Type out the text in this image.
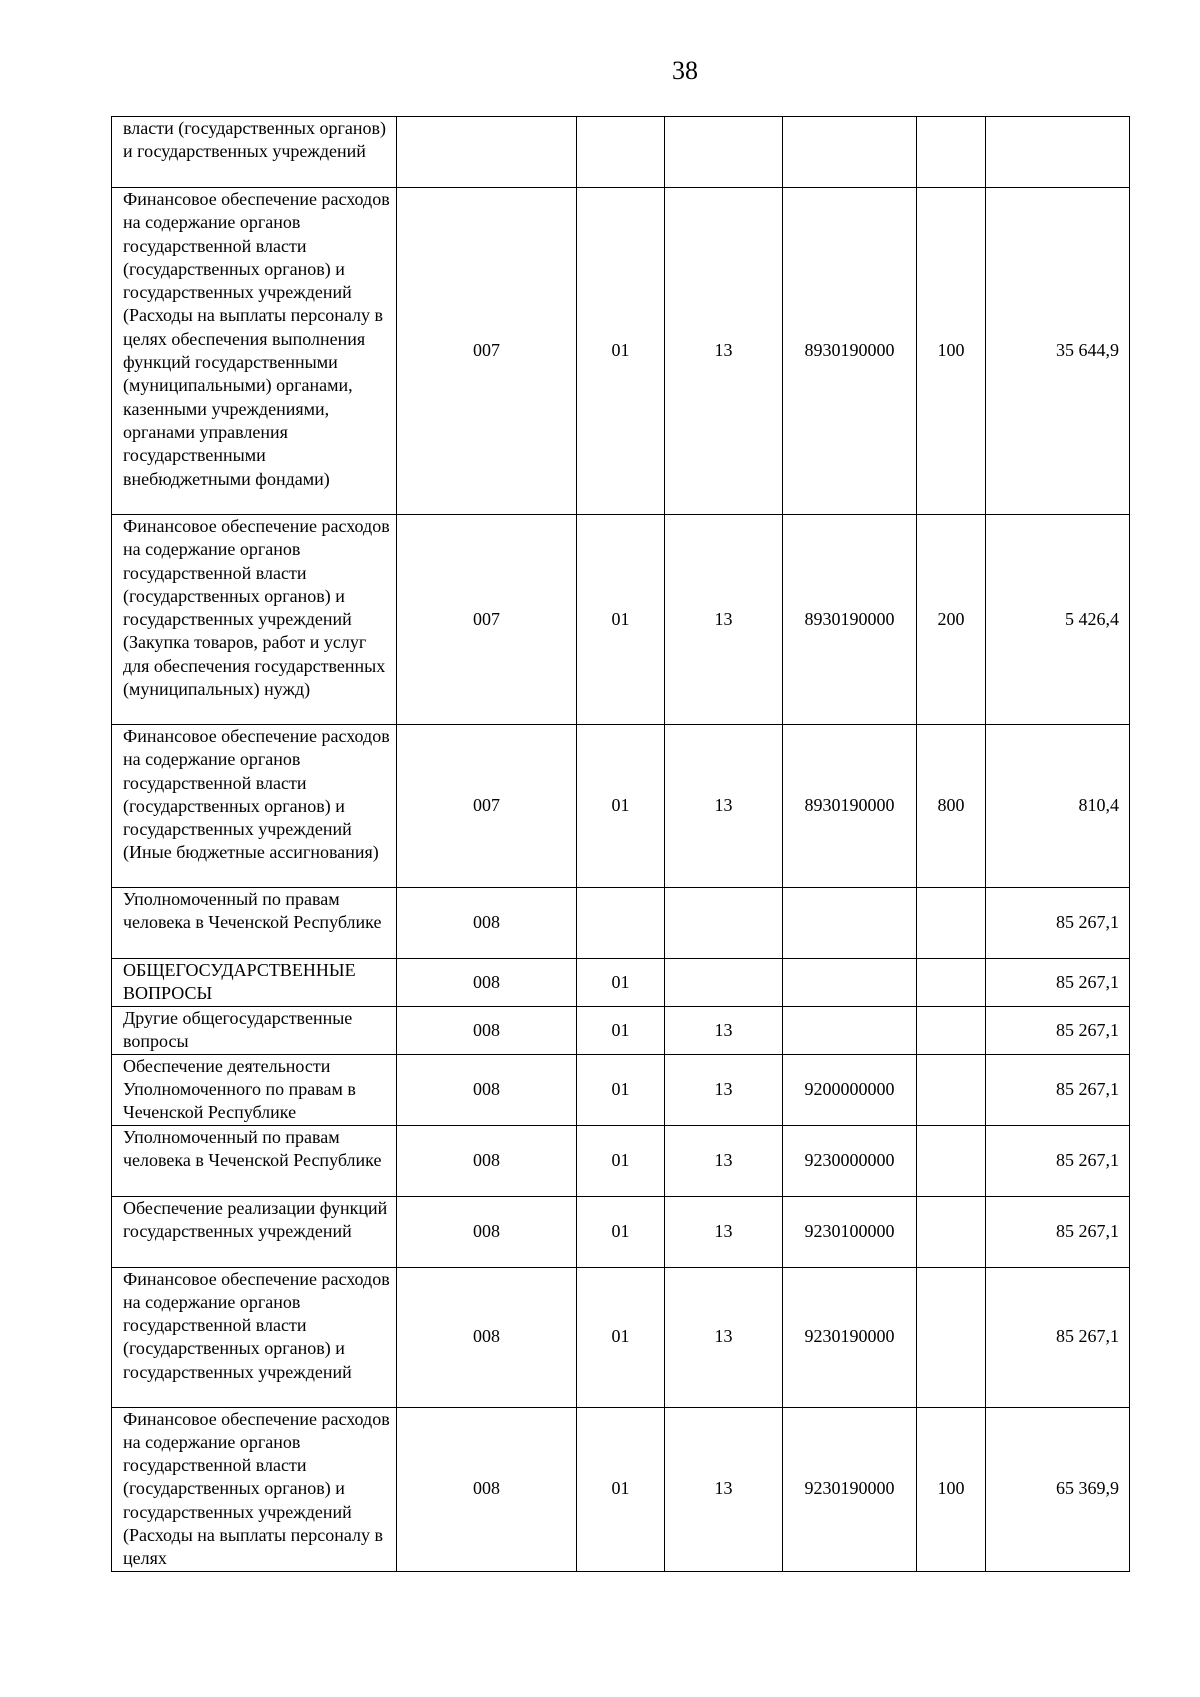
38
власти (государственных органов) и государственных учреждений						
Финансовое обеспечение расходов на содержание органов государственной власти (государственных органов) и государственных учреждений (Расходы на выплаты персоналу в целях обеспечения выполнения функций государственными (муниципальными) органами, казенными учреждениями, органами управления государственными внебюджетными фондами)	007	01	13	8930190000	100	35 644,9
Финансовое обеспечение расходов на содержание органов государственной власти (государственных органов) и государственных учреждений (Закупка товаров, работ и услуг для обеспечения государственных (муниципальных) нужд)	007	01	13	8930190000	200	5 426,4
Финансовое обеспечение расходов на содержание органов государственной власти (государственных органов) и государственных учреждений (Иные бюджетные ассигнования)	007	01	13	8930190000	800	810,4
Уполномоченный по правам человека в Чеченской Республике	008					85 267,1
ОБЩЕГОСУДАРСТВЕННЫЕ ВОПРОСЫ	008	01				85 267,1
Другие общегосударственные вопросы	008	01	13			85 267,1
Обеспечение деятельности Уполномоченного по правам в Чеченской Республике	008	01	13	9200000000		85 267,1
Уполномоченный по правам человека в Чеченской Республике	008	01	13	9230000000		85 267,1
Обеспечение реализации функций государственных учреждений	008	01	13	9230100000		85 267,1
Финансовое обеспечение расходов на содержание органов государственной власти (государственных органов) и государственных учреждений	008	01	13	9230190000		85 267,1
Финансовое обеспечение расходов на содержание органов государственной власти (государственных органов) и государственных учреждений (Расходы на выплаты персоналу в целях	008	01	13	9230190000	100	65 369,9
